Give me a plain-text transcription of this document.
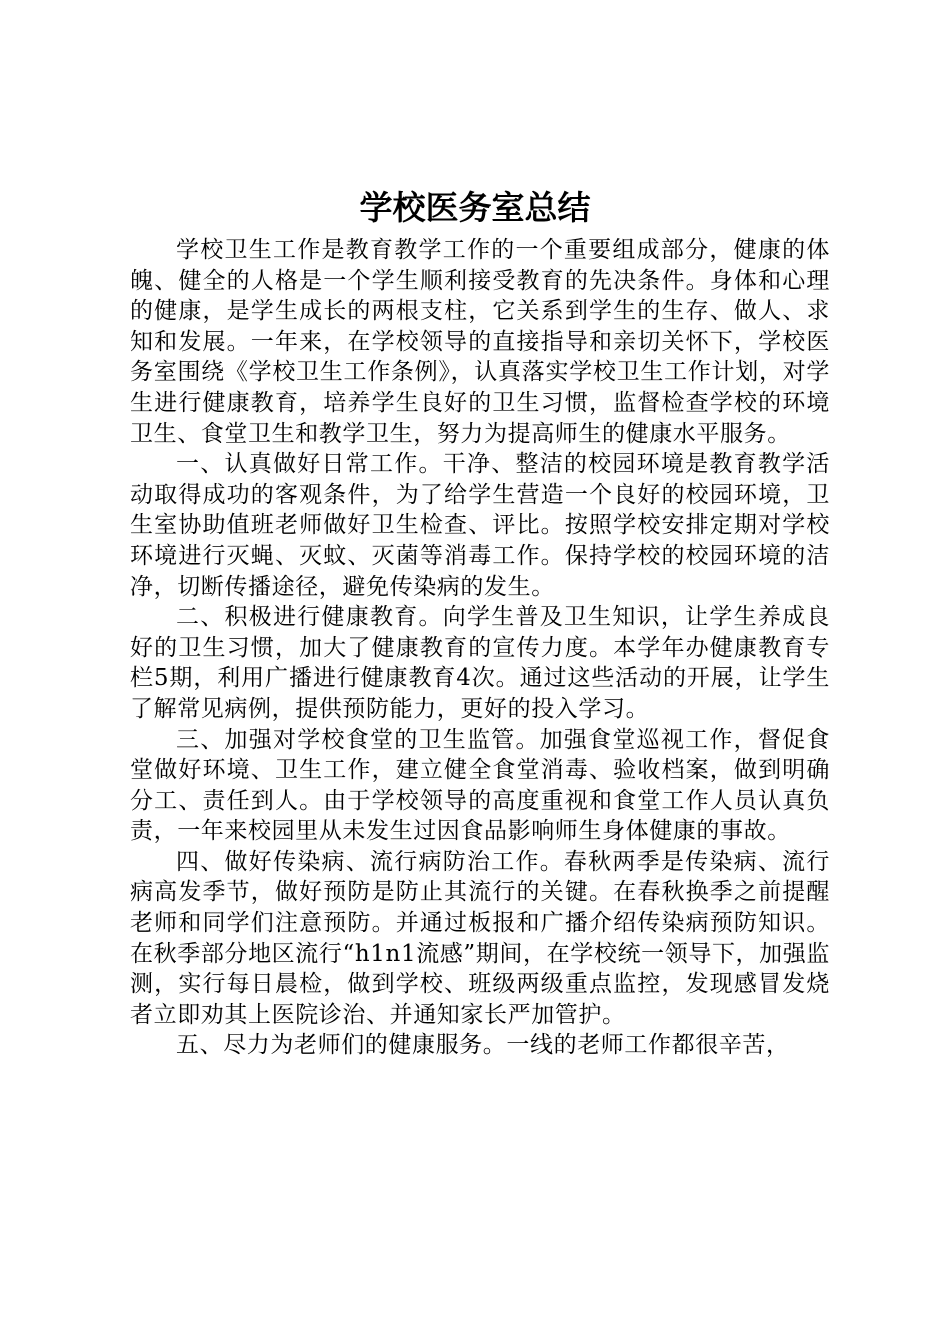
学校医务室总结

学校卫生工作是教育教学工作的一个重要组成部分，健康的体魄、健全的人格是一个学生顺利接受教育的先决条件。身体和心理的健康，是学生成长的两根支柱，它关系到学生的生存、做人、求知和发展。一年来，在学校领导的直接指导和亲切关怀下，学校医务室围绕《学校卫生工作条例》，认真落实学校卫生工作计划，对学生进行健康教育，培养学生良好的卫生习惯，监督检查学校的环境卫生、食堂卫生和教学卫生，努力为提高师生的健康水平服务。

一、认真做好日常工作。干净、整洁的校园环境是教育教学活动取得成功的客观条件，为了给学生营造一个良好的校园环境，卫生室协助值班老师做好卫生检查、评比。按照学校安排定期对学校环境进行灭蝇、灭蚊、灭菌等消毒工作。保持学校的校园环境的洁净，切断传播途径，避免传染病的发生。

二、积极进行健康教育。向学生普及卫生知识，让学生养成良好的卫生习惯，加大了健康教育的宣传力度。本学年办健康教育专栏5期，利用广播进行健康教育4次。通过这些活动的开展，让学生了解常见病例，提供预防能力，更好的投入学习。

三、加强对学校食堂的卫生监管。加强食堂巡视工作，督促食堂做好环境、卫生工作，建立健全食堂消毒、验收档案，做到明确分工、责任到人。由于学校领导的高度重视和食堂工作人员认真负责，一年来校园里从未发生过因食品影响师生身体健康的事故。

四、做好传染病、流行病防治工作。春秋两季是传染病、流行病高发季节，做好预防是防止其流行的关键。在春秋换季之前提醒老师和同学们注意预防。并通过板报和广播介绍传染病预防知识。在秋季部分地区流行“h1n1流感”期间，在学校统一领导下，加强监测，实行每日晨检，做到学校、班级两级重点监控，发现感冒发烧者立即劝其上医院诊治、并通知家长严加管护。

五、尽力为老师们的健康服务。一线的老师工作都很辛苦，
